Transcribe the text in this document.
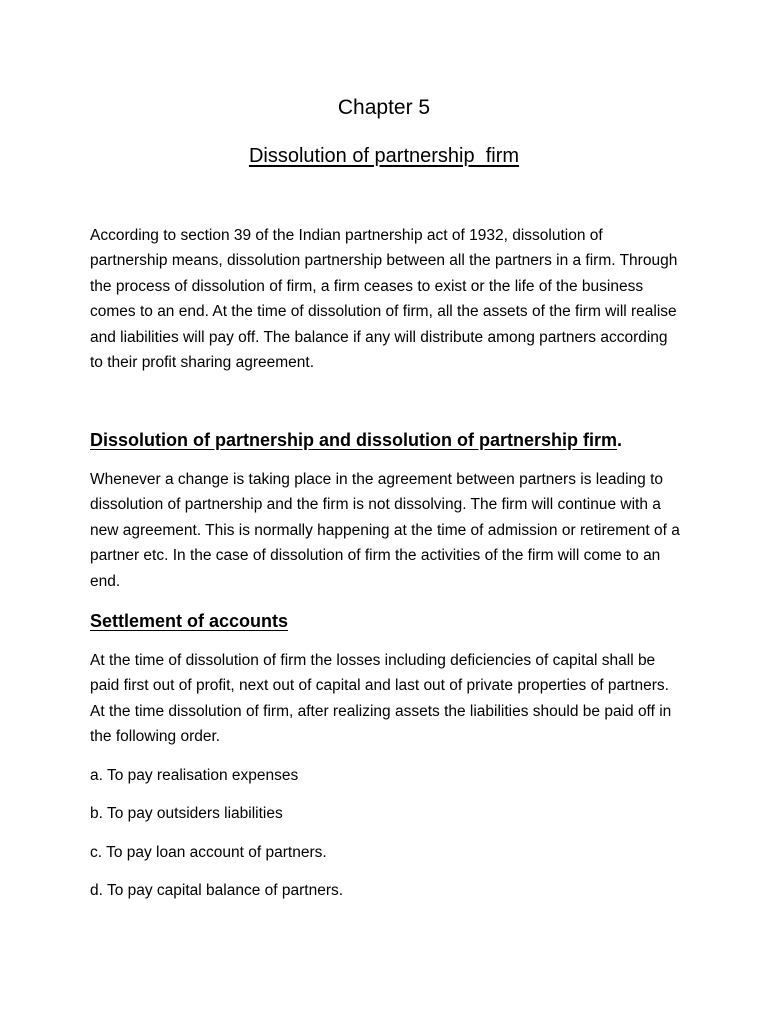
Chapter 5
Dissolution of partnership  firm

According to section 39 of the Indian partnership act of 1932, dissolution of partnership means, dissolution partnership between all the partners in a firm. Through the process of dissolution of firm, a firm ceases to exist or the life of the business comes to an end. At the time of dissolution of firm, all the assets of the firm will realise and liabilities will pay off. The balance if any will distribute among partners according to their profit sharing agreement.

Dissolution of partnership and dissolution of partnership firm.

Whenever a change is taking place in the agreement between partners is leading to dissolution of partnership and the firm is not dissolving. The firm will continue with a new agreement. This is normally happening at the time of admission or retirement of a partner etc. In the case of dissolution of firm the activities of the firm will come to an end.

Settlement of accounts

At the time of dissolution of firm the losses including deficiencies of capital shall be paid first out of profit, next out of capital and last out of private properties of partners. At the time dissolution of firm, after realizing assets the liabilities should be paid off in the following order.

a. To pay realisation expenses

b. To pay outsiders liabilities

c. To pay loan account of partners.

d. To pay capital balance of partners.
